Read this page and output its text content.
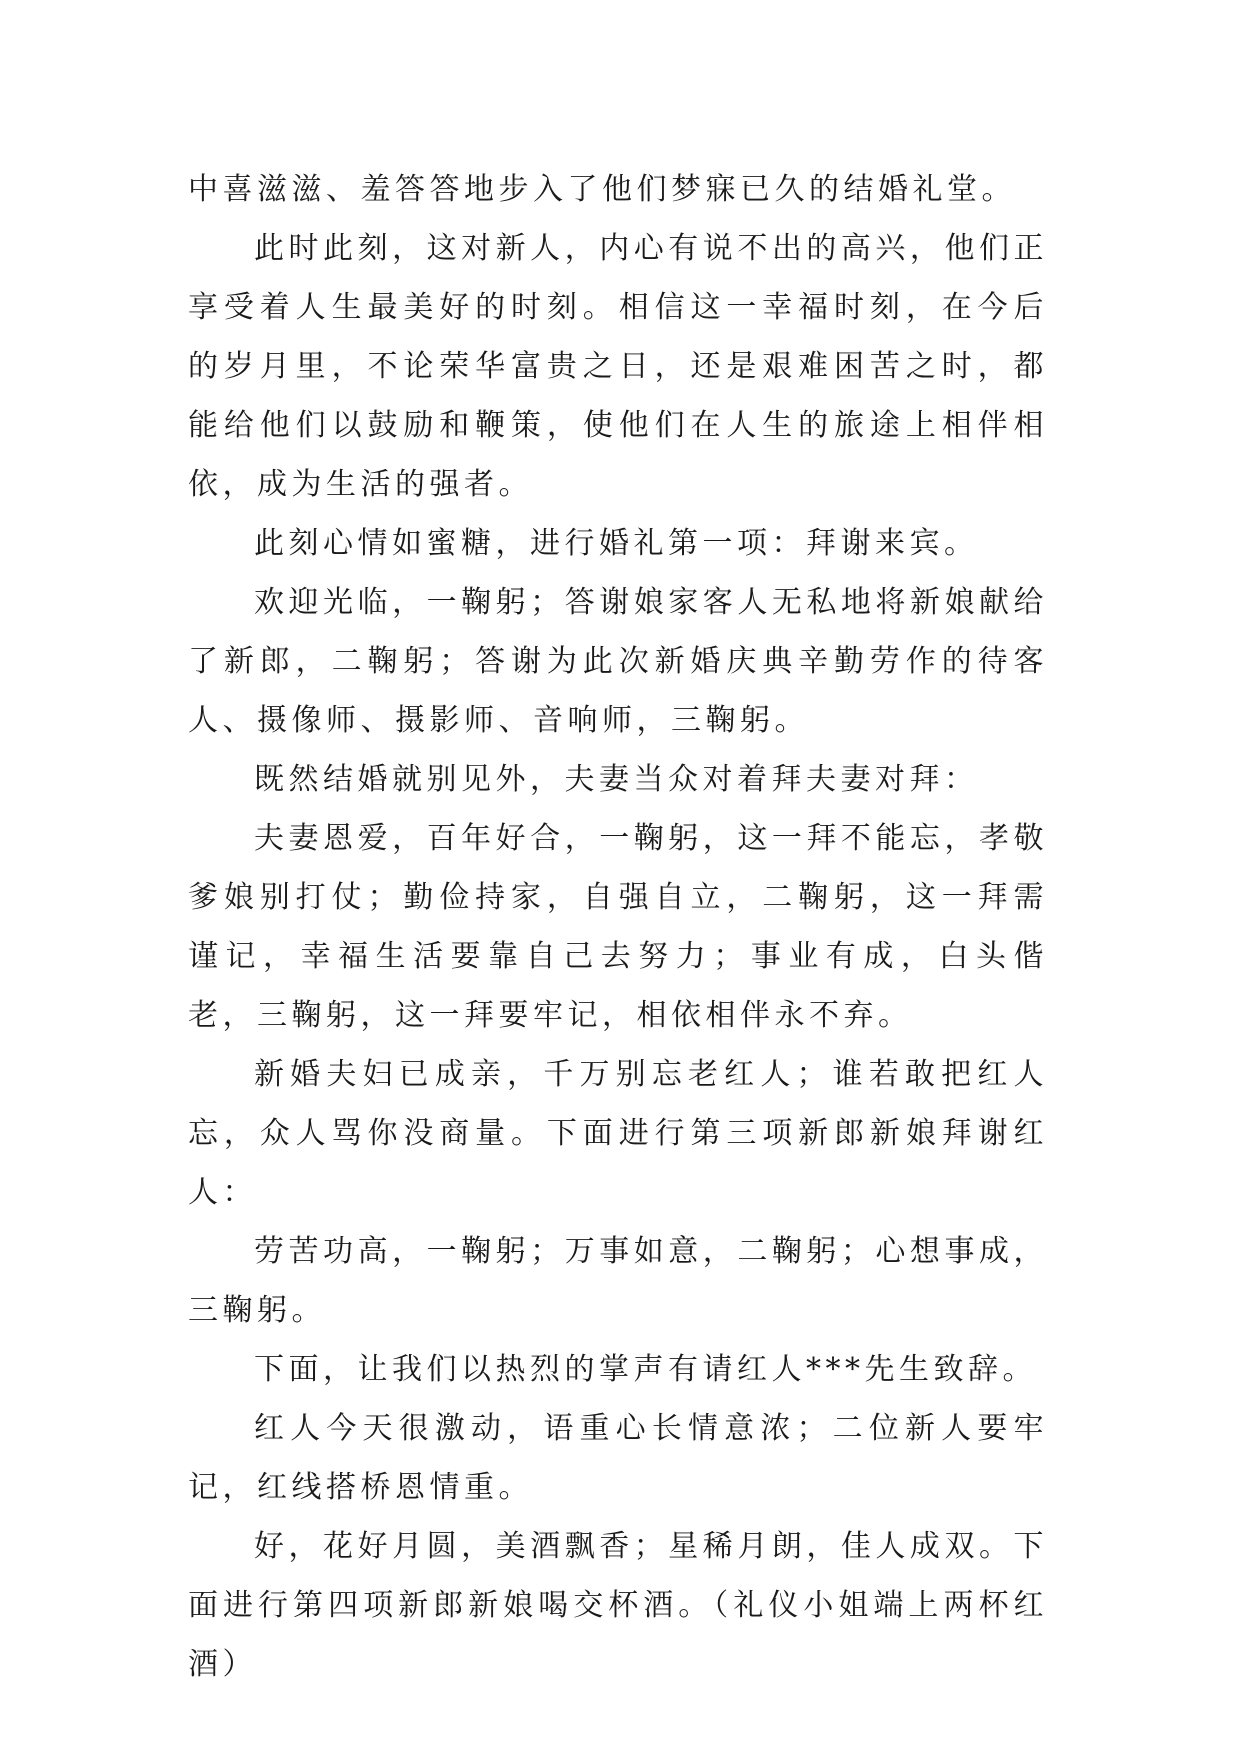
中喜滋滋、羞答答地步入了他们梦寐已久的结婚礼堂。

此时此刻，这对新人，内心有说不出的高兴，他们正享受着人生最美好的时刻。相信这一幸福时刻，在今后的岁月里，不论荣华富贵之日，还是艰难困苦之时，都能给他们以鼓励和鞭策，使他们在人生的旅途上相伴相依，成为生活的强者。

此刻心情如蜜糖，进行婚礼第一项：拜谢来宾。

欢迎光临，一鞠躬；答谢娘家客人无私地将新娘献给了新郎，二鞠躬；答谢为此次新婚庆典辛勤劳作的待客人、摄像师、摄影师、音响师，三鞠躬。

既然结婚就别见外，夫妻当众对着拜夫妻对拜：

夫妻恩爱，百年好合，一鞠躬，这一拜不能忘，孝敬爹娘别打仗；勤俭持家，自强自立，二鞠躬，这一拜需谨记，幸福生活要靠自己去努力；事业有成，白头偕老，三鞠躬，这一拜要牢记，相依相伴永不弃。

新婚夫妇已成亲，千万别忘老红人；谁若敢把红人忘，众人骂你没商量。下面进行第三项新郎新娘拜谢红人：

劳苦功高，一鞠躬；万事如意，二鞠躬；心想事成，三鞠躬。

下面，让我们以热烈的掌声有请红人***先生致辞。

红人今天很激动，语重心长情意浓；二位新人要牢记，红线搭桥恩情重。

好，花好月圆，美酒飘香；星稀月朗，佳人成双。下面进行第四项新郎新娘喝交杯酒。（礼仪小姐端上两杯红酒）
